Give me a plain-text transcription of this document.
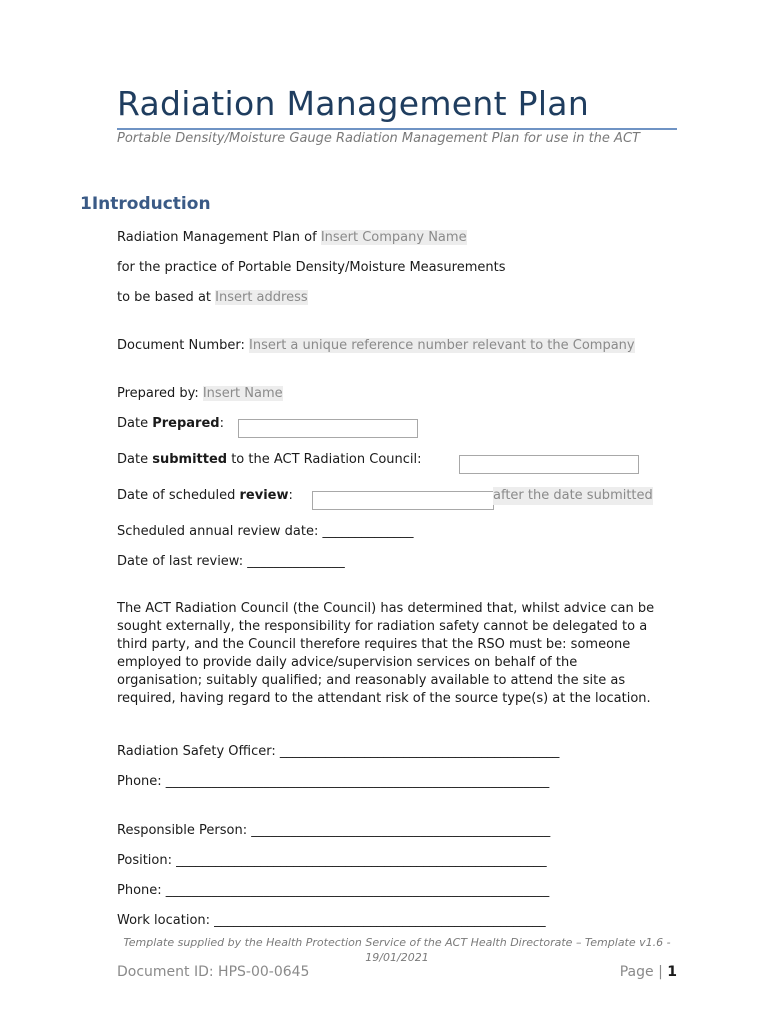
Radiation Management Plan
Portable Density/Moisture Gauge Radiation Management Plan for use in the ACT
1Introduction
Radiation Management Plan of Insert Company Name
for the practice of Portable Density/Moisture Measurements
to be based at Insert address
Document Number: Insert a unique reference number relevant to the Company
Prepared by: Insert Name
Date Prepared:
Date submitted to the ACT Radiation Council:
Date of scheduled review:	after the date submitted
Scheduled annual review date: ______________
Date of last review: _______________
The ACT Radiation Council (the Council) has determined that, whilst advice can be sought externally, the responsibility for radiation safety cannot be delegated to a third party, and the Council therefore requires that the RSO must be: someone employed to provide daily advice/supervision services on behalf of the organisation; suitably qualified; and reasonably available to attend the site as required, having regard to the attendant risk of the source type(s) at the location.
Radiation Safety Officer: ___________________________________________
Phone: ___________________________________________________________
Responsible Person: ______________________________________________
Position: _________________________________________________________
Phone: ___________________________________________________________
Work location: ___________________________________________________
Template supplied by the Health Protection Service of the ACT Health Directorate – Template v1.6 - 19/01/2021
Document ID: HPS-00-0645	Page | 1
